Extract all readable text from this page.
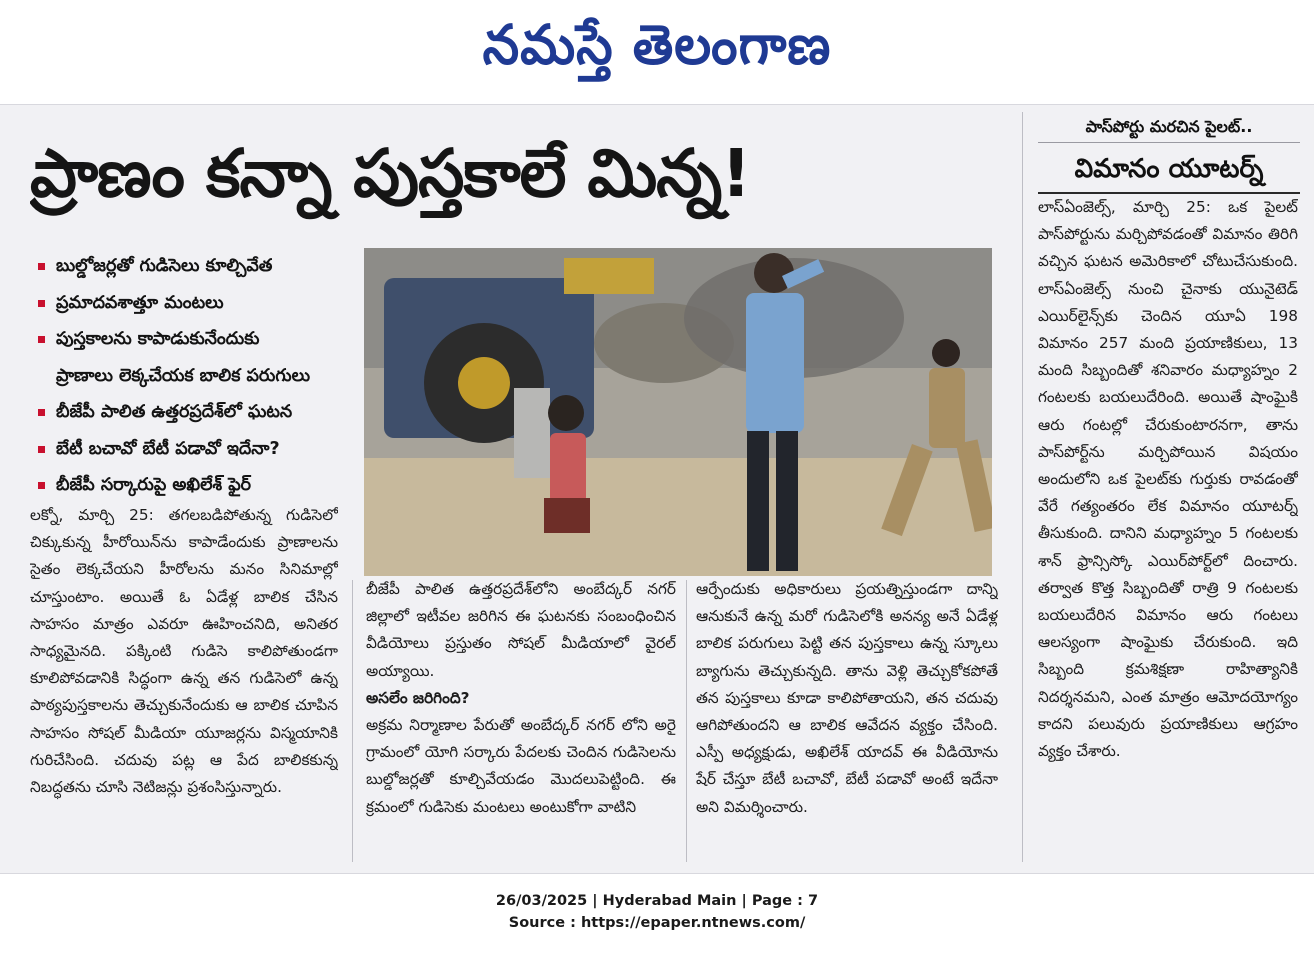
నమస్తే తెలంగాణ
ప్రాణం కన్నా పుస్తకాలే మిన్న!
బుల్డోజర్లతో గుడిసెలు కూల్చివేత
ప్రమాదవశాత్తూ మంటలు
పుస్తకాలను కాపాడుకునేందుకు
ప్రాణాలు లెక్కచేయక బాలిక పరుగులు
బీజేపీ పాలిత ఉత్తరప్రదేశ్‌లో ఘటన
బేటీ బచావో బేటీ పడావో ఇదేనా?
బీజేపీ సర్కారుపై అఖిలేశ్ ఫైర్

లక్నో, మార్చి 25: తగలబడిపోతున్న గుడిసెలో చిక్కుకున్న హీరోయిన్‌ను కాపాడేందుకు ప్రాణాలను సైతం లెక్కచేయని హీరోలను మనం సినిమాల్లో చూస్తుంటాం. అయితే ఓ ఏడేళ్ల బాలిక చేసిన సాహసం మాత్రం ఎవరూ ఊహించనిది, అనితర సాధ్యమైనది. పక్కింటి గుడిసె కాలిపోతుండగా కూలిపోవడానికి సిద్ధంగా ఉన్న తన గుడిసెలో ఉన్న పాఠ్యపుస్తకాలను తెచ్చుకునేందుకు ఆ బాలిక చూపిన సాహసం సోషల్ మీడియా యూజర్లను విస్మయానికి గురిచేసింది. చదువు పట్ల ఆ పేద బాలికకున్న నిబద్ధతను చూసి నెటిజన్లు ప్రశంసిస్తున్నారు.

బీజేపీ పాలిత ఉత్తరప్రదేశ్‌లోని అంబేద్కర్ నగర్ జిల్లాలో ఇటీవల జరిగిన ఈ ఘటనకు సంబంధించిన వీడియోలు ప్రస్తుతం సోషల్ మీడియాలో వైరల్ అయ్యాయి.

అసలేం జరిగింది?

అక్రమ నిర్మాణాల పేరుతో అంబేద్కర్ నగర్ లోని అరై గ్రామంలో యోగి సర్కారు పేదలకు చెందిన గుడిసెలను బుల్డోజర్లతో కూల్చివేయడం మొదలుపెట్టింది. ఈ క్రమంలో గుడిసెకు మంటలు అంటుకోగా వాటిని

ఆర్పేందుకు అధికారులు ప్రయత్నిస్తుండగా దాన్ని ఆనుకునే ఉన్న మరో గుడిసెలోకి అనన్య అనే ఏడేళ్ల బాలిక పరుగులు పెట్టి తన పుస్తకాలు ఉన్న స్కూలు బ్యాగును తెచ్చుకున్నది. తాను వెళ్లి తెచ్చుకోకపోతే తన పుస్తకాలు కూడా కాలిపోతాయని, తన చదువు ఆగిపోతుందని ఆ బాలిక ఆవేదన వ్యక్తం చేసింది. ఎస్పీ అధ్యక్షుడు, అఖిలేశ్ యాదవ్ ఈ వీడియోను షేర్ చేస్తూ బేటీ బచావో, బేటీ పడావో అంటే ఇదేనా అని విమర్శించారు.

పాస్‌పోర్టు మరచిన పైలట్..
విమానం యూటర్న్

లాస్‌ఏంజెల్స్, మార్చి 25: ఒక పైలట్ పాస్‌పోర్టును మర్చిపోవడంతో విమానం తిరిగి వచ్చిన ఘటన అమెరికాలో చోటుచేసుకుంది. లాస్‌ఏంజెల్స్ నుంచి చైనాకు యునైటెడ్ ఎయిర్‌లైన్స్‌కు చెందిన యూఏ 198 విమానం 257 మంది ప్రయాణికులు, 13 మంది సిబ్బందితో శనివారం మధ్యాహ్నం 2 గంటలకు బయలుదేరింది. అయితే షాంఘైకి ఆరు గంటల్లో చేరుకుంటారనగా, తాను పాస్‌పోర్ట్‌ను మర్చిపోయిన విషయం అందులోని ఒక పైలట్‌కు గుర్తుకు రావడంతో వేరే గత్యంతరం లేక విమానం యూటర్న్ తీసుకుంది. దానిని మధ్యాహ్నం 5 గంటలకు శాన్ ఫ్రాన్సిస్కో ఎయిర్‌పోర్ట్‌లో దించారు. తర్వాత కొత్త సిబ్బందితో రాత్రి 9 గంటలకు బయలుదేరిన విమానం ఆరు గంటలు ఆలస్యంగా షాంఘైకు చేరుకుంది. ఇది సిబ్బంది క్రమశిక్షణా రాహిత్యానికి నిదర్శనమని, ఎంత మాత్రం ఆమోదయోగ్యం కాదని పలువురు ప్రయాణికులు ఆగ్రహం వ్యక్తం చేశారు.

26/03/2025 | Hyderabad Main | Page : 7
Source : https://epaper.ntnews.com/
